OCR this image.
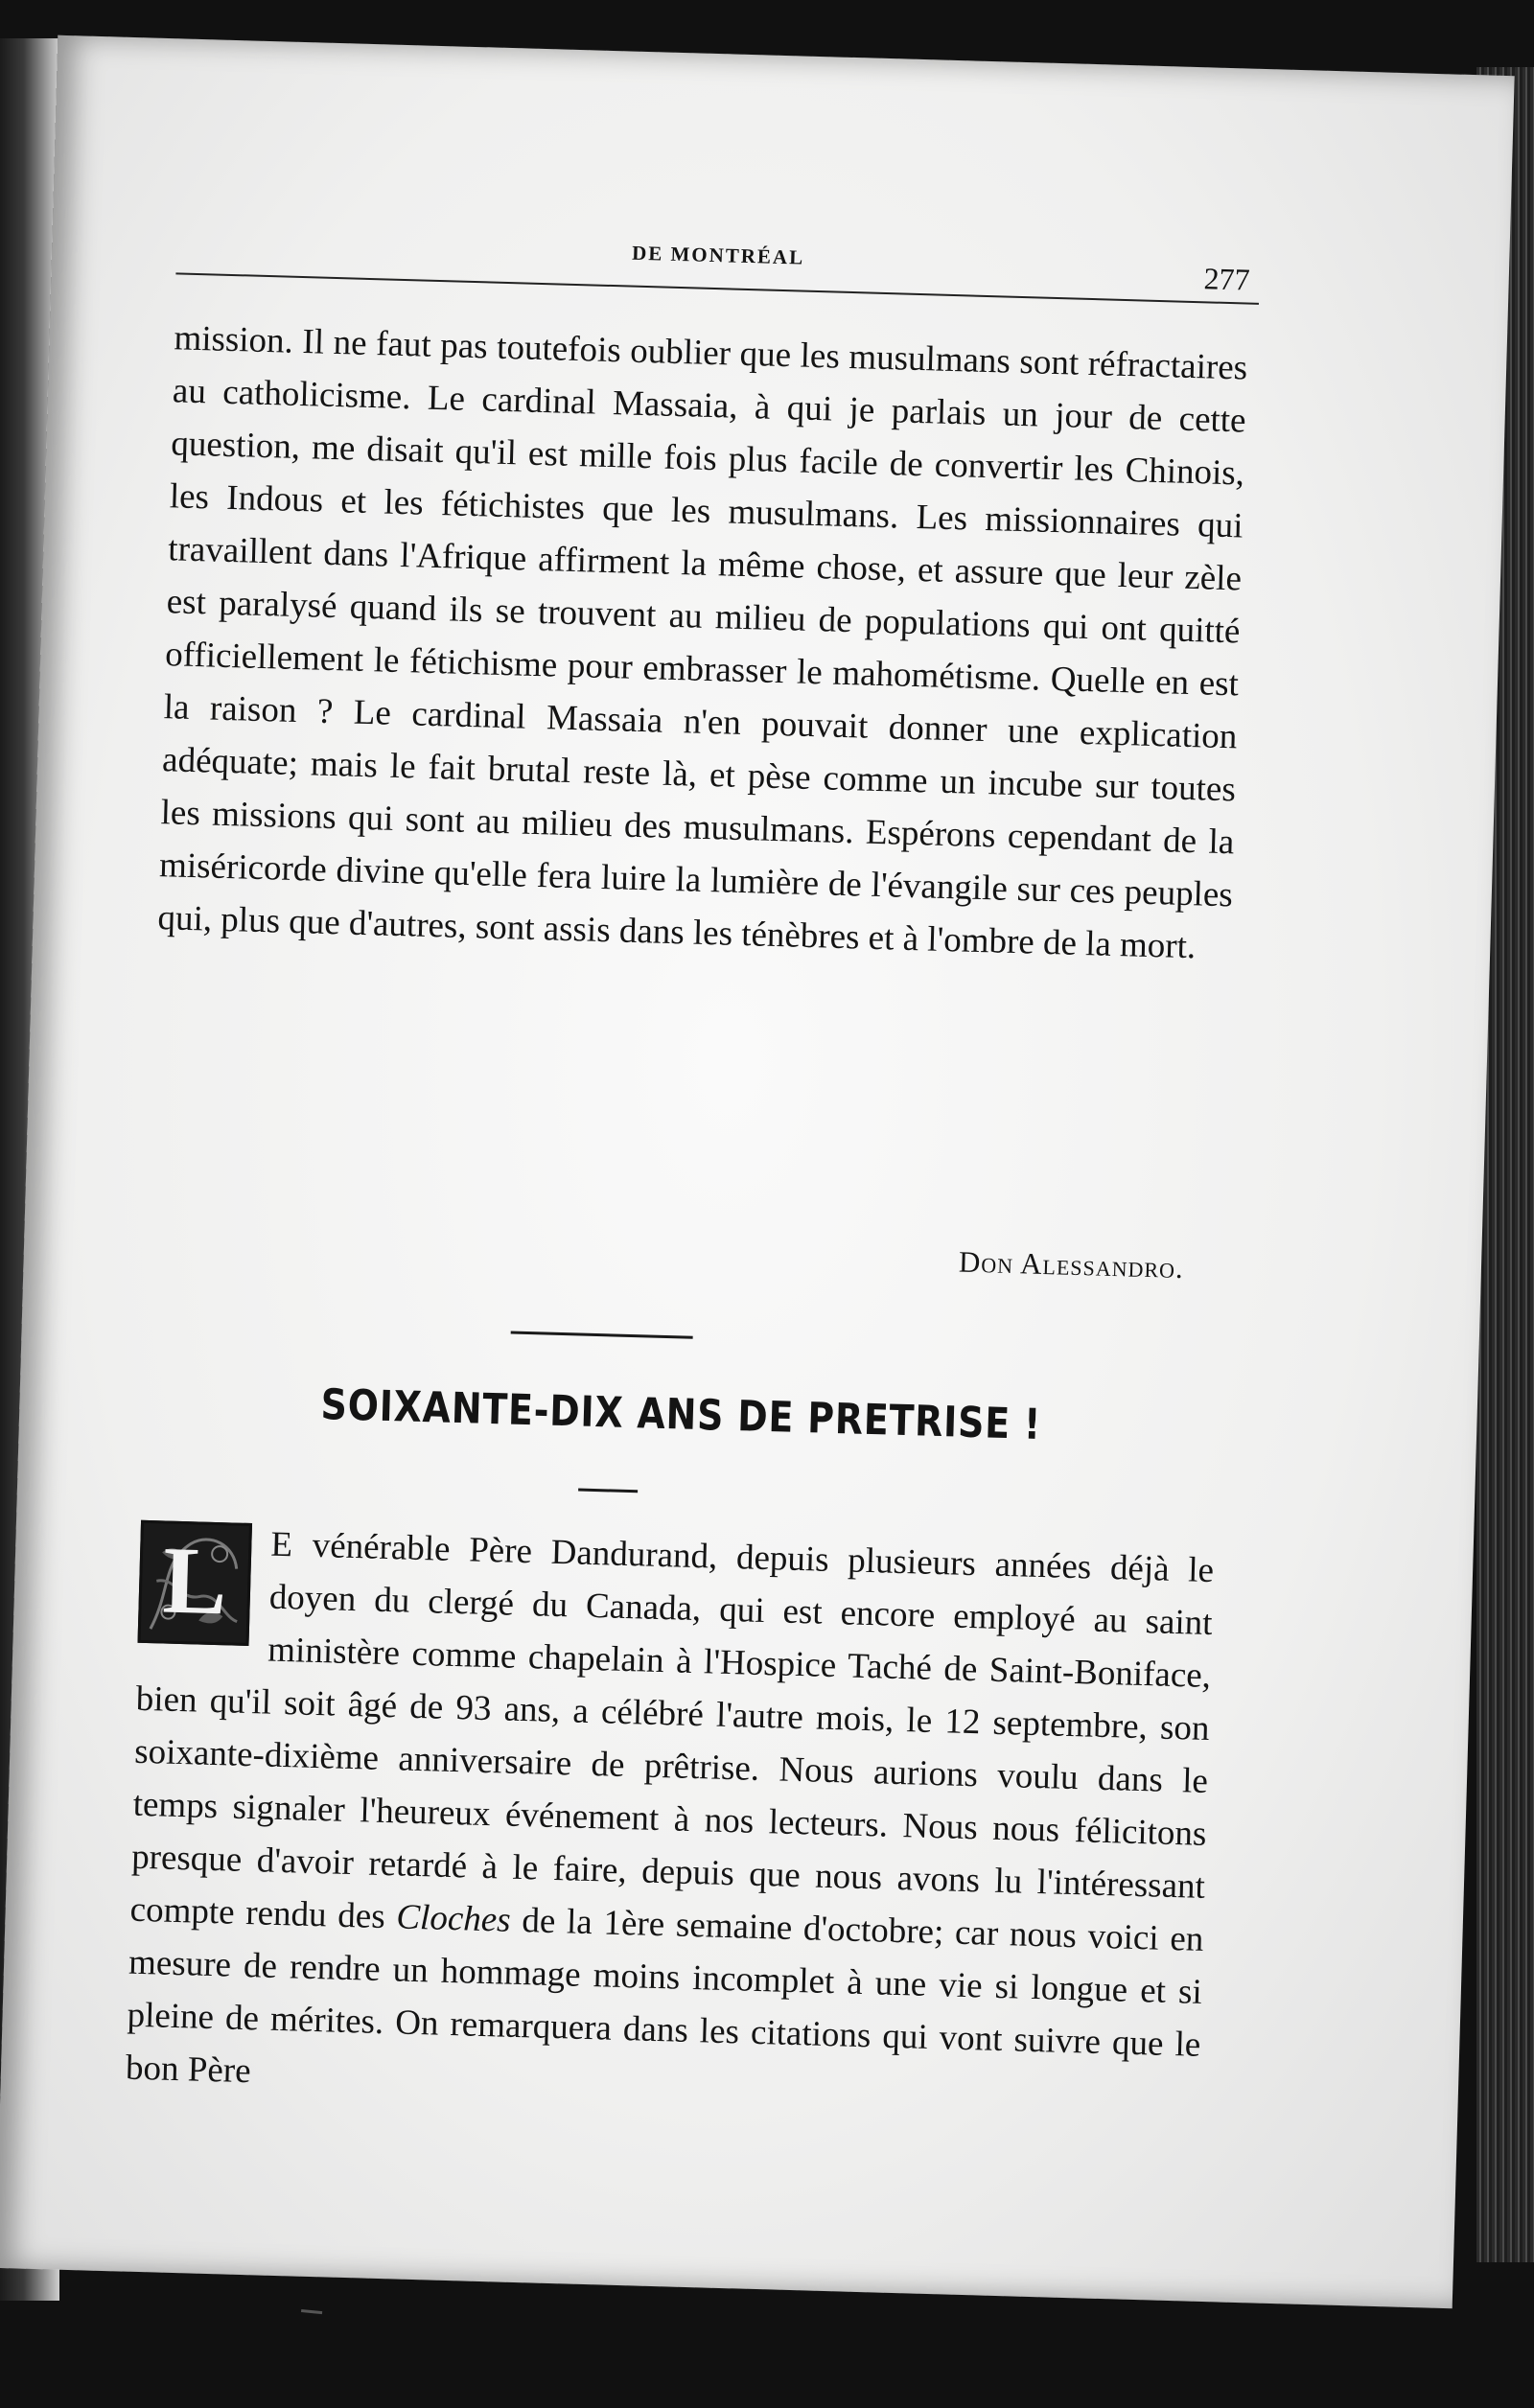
DE MONTRÉAL
277

mission. Il ne faut pas toutefois oublier que les musulmans sont réfractaires au catholicisme. Le cardinal Massaia, à qui je parlais un jour de cette question, me disait qu'il est mille fois plus facile de convertir les Chinois, les Indous et les fétichistes que les musulmans. Les missionnaires qui travaillent dans l'Afrique affirment la même chose, et assure que leur zèle est paralysé quand ils se trouvent au milieu de populations qui ont quitté officiellement le fétichisme pour embrasser le mahométisme. Quelle en est la raison ? Le cardinal Massaia n'en pouvait donner une explication adéquate; mais le fait brutal reste là, et pèse comme un incube sur toutes les missions qui sont au milieu des musulmans. Espérons cependant de la miséricorde divine qu'elle fera luire la lumière de l'évangile sur ces peuples qui, plus que d'autres, sont assis dans les ténèbres et à l'ombre de la mort.

Don Alessandro.
SOIXANTE-DIX ANS DE PRETRISE !
L	E vénérable Père Dandurand, depuis plusieurs années déjà le doyen du clergé du Canada, qui est encore employé au saint ministère comme chapelain à l'Hospice Taché de Saint-Boniface, bien qu'il soit âgé de 93 ans, a célébré l'autre mois, le 12 septembre, son soixante-dixième anniversaire de prêtrise. Nous aurions voulu dans le temps signaler l'heureux événement à nos lecteurs. Nous nous félicitons presque d'avoir retardé à le faire, depuis que nous avons lu l'intéressant compte rendu des Cloches de la 1ère semaine d'octobre; car nous voici en mesure de rendre un hommage moins incomplet à une vie si longue et si pleine de mérites. On remarquera dans les citations qui vont suivre que le bon Père
